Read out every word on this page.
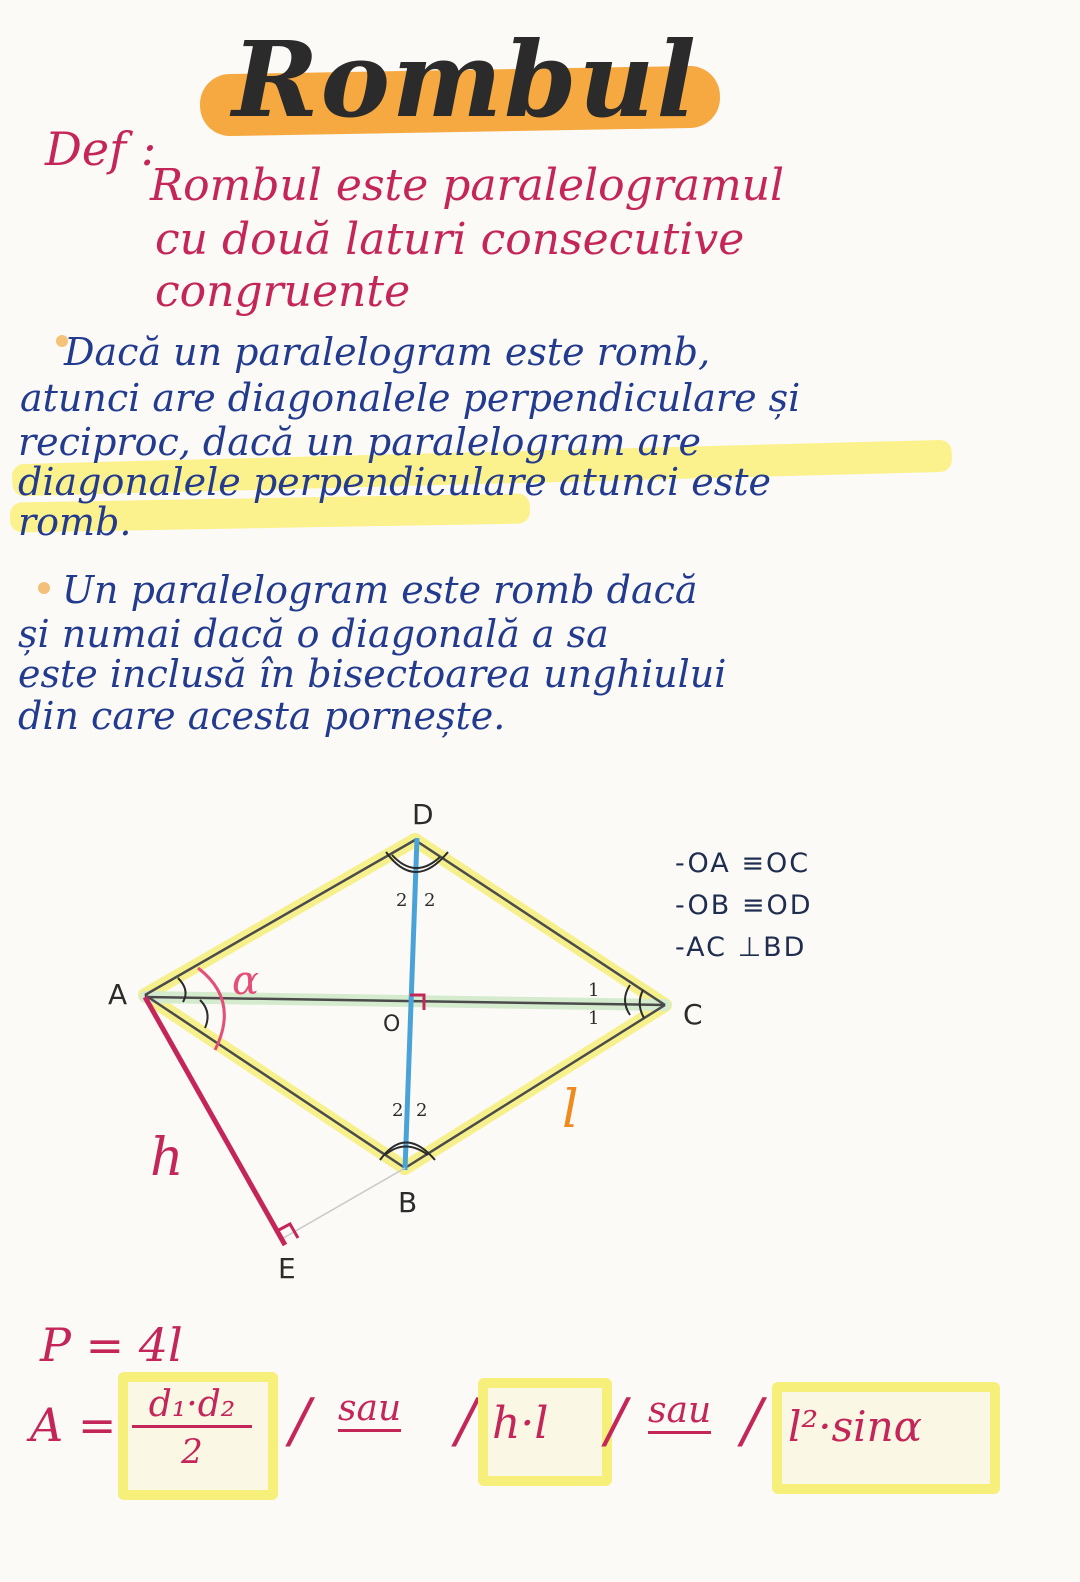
Rombul
Def :
Rombul este paralelogramul
cu două laturi consecutive
congruente
Dacă un paralelogram este romb,
atunci are diagonalele perpendiculare și
reciproc, dacă un paralelogram are
diagonalele perpendiculare atunci este
romb.
Un paralelogram este romb dacă
și numai dacă o diagonală a sa
este inclusă în bisectoarea unghiului
din care acesta pornește.
D
A
C
B
O
E
h
l
α
2 2
2 2
1
1
-OA ≡OC
-OB ≡OD
-AC ⊥BD
P = 4l
A = d₁·d₂
2	/ sau / h·l / sau / l²·sinα
